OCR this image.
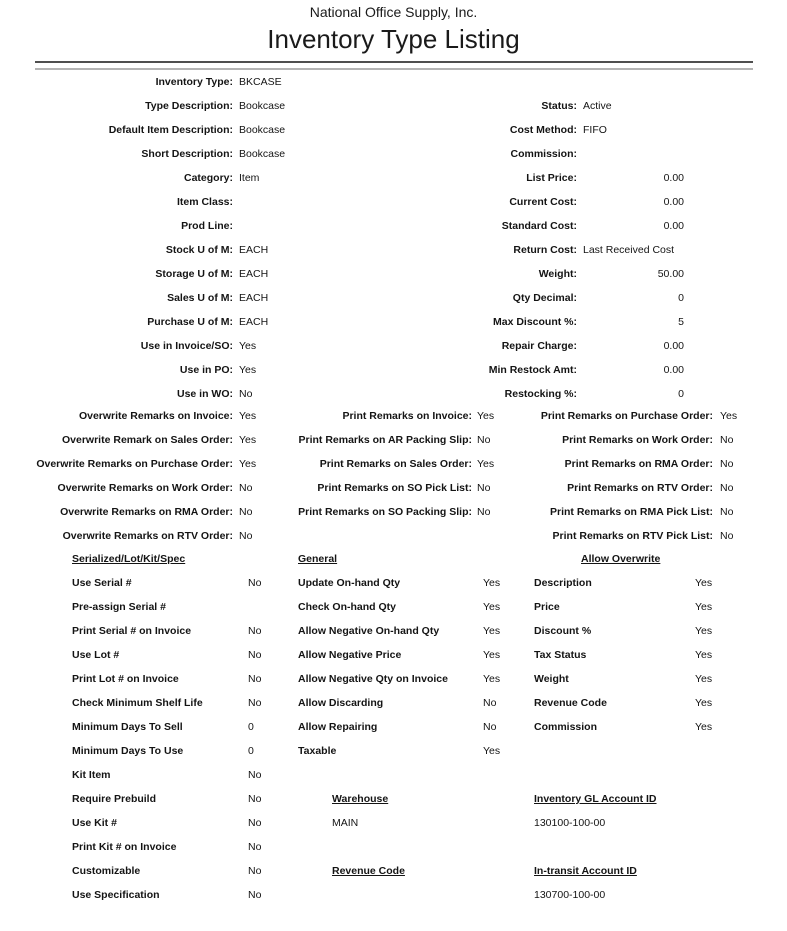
National Office Supply, Inc.
Inventory Type Listing
Inventory Type: BKCASE
Type Description: Bookcase
Default Item Description: Bookcase
Short Description: Bookcase
Category: Item
Item Class:
Prod Line:
Stock U of M: EACH
Storage U of M: EACH
Sales U of M: EACH
Purchase U of M: EACH
Use in Invoice/SO: Yes
Use in PO: Yes
Use in WO: No
Status: Active
Cost Method: FIFO
Commission:
List Price:	0.00
Current Cost:	0.00
Standard Cost:	0.00
Return Cost: Last Received Cost
Weight:	50.00
Qty Decimal:	0
Max Discount %:	5
Repair Charge:	0.00
Min Restock Amt:	0.00
Restocking %:	0
Overwrite Remarks on Invoice: Yes
Overwrite Remark on Sales Order: Yes
Overwrite Remarks on Purchase Order: Yes
Overwrite Remarks on Work Order: No
Overwrite Remarks on RMA Order: No
Overwrite Remarks on RTV Order: No
Print Remarks on Invoice: Yes
Print Remarks on AR Packing Slip: No
Print Remarks on Sales Order: Yes
Print Remarks on SO Pick List: No
Print Remarks on SO Packing Slip: No
Print Remarks on Purchase Order: Yes
Print Remarks on Work Order: No
Print Remarks on RMA Order: No
Print Remarks on RTV Order: No
Print Remarks on RMA Pick List: No
Print Remarks on RTV Pick List: No
Serialized/Lot/Kit/Spec
Use Serial #	No
Pre-assign Serial #
Print Serial # on Invoice	No
Use Lot #	No
Print Lot # on Invoice	No
Check Minimum Shelf Life	No
Minimum Days To Sell	0
Minimum Days To Use	0
Kit Item	No
Require Prebuild	No
Use Kit #	No
Print Kit # on Invoice	No
Customizable	No
Use Specification	No
General
Update On-hand Qty	Yes
Check On-hand Qty	Yes
Allow Negative On-hand Qty	Yes
Allow Negative Price	Yes
Allow Negative Qty on Invoice	Yes
Allow Discarding	No
Allow Repairing	No
Taxable	Yes
Warehouse
MAIN
Revenue Code
Allow Overwrite
Description	Yes
Price	Yes
Discount %	Yes
Tax Status	Yes
Weight	Yes
Revenue Code	Yes
Commission	Yes
Inventory GL Account ID
130100-100-00
In-transit Account ID
130700-100-00
